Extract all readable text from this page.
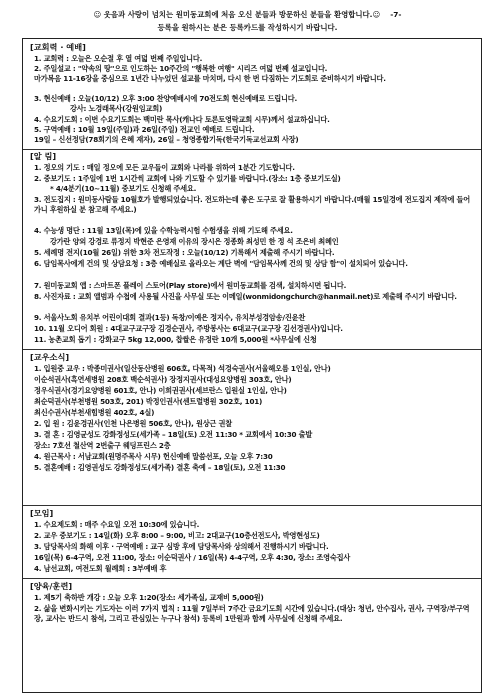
☺ 웃음과 사랑이 넘치는 원미동교회에 처음 오신 분들과 방문하신 분들을 환영합니다.☺ -7-
등록을 원하시는 분은 등록카드를 작성하시기 바랍니다.
[교회력 · 예배]
1. 교회력 : 오늘은 오순절 후 열 여덟 번째 주일입니다.
2. 주일설교 : "약속의 땅"으로 인도하는 10주간의 "행복한 여행" 시리즈 여덟 번째 설교입니다.
마가복음 11-16장을 중심으로 1년간 나누었던 설교를 마치며, 다시 한 번 다짐하는 기도회로 준비하시기 바랍니다.
3. 현신예배 : 오늘(10/12) 오후 3:00 찬양예배시에 70전도회 현신예배로 드립니다.
강사: 노경래목사(강원임교회)
4. 수요기도회 : 이번 수요기도회는 백미란 목사(캐나다 토론토영락교회 시무)께서 설교하십니다.
5. 구역예배 : 10월 19일(주일)과 26일(주일) 전교인 예배로 드립니다.
19일 – 신선정담(78회기의 은혜 재자), 26일 – 청영종합기독(한국기독교선교회 사장)
[알 림]
1. 정오의 기도 : 매일 정오에 모든 교우들이 교회와 나라를 위하여 1분간 기도합니다.
2. 중보기도 : 1주일에 1번 1시간씩 교회에 나와 기도할 수 있기를 바랍니다.(장소: 1층 중보기도실)
* 4/4분기(10~11월) 중보기도 신청해 주세요.
3. 전도집지 : 원미동사람들 10월호가 발행되었습니다. 전도하는데 좋은 도구로 잘 활용하시기 바랍니다.(매월 15일경에 전도집지 제작에 들어가니 후원하실 분 참고해 주세요.)
4. 수능생 명단 : 11월 13일(목)에 있을 수학능력시험 수험생을 위해 기도해 주세요.
강가란 양외 강경로 류정지 박현준 은영재 이유의 장시은 정종화 최성민 한 정 석 조은비 최혜인
5. 세례명 전지(10월 26일) 위한 3차 전도작정 : 오늘(10/12) 기록해서 제출해 주시기 바랍니다.
6. 담임목사에게 건의 및 상담요청 : 3층 예배실로 올라오는 계단 벽에 "담임목사께 건의 및 상담 함"이 설치되어 있습니다.
7. 원미동교회 앱 : 스마트폰 플레이 스토어(Play store)에서 원미동교회를 검색, 설치하시면 됩니다.
8. 사진자료 : 교회 앨범과 수첩에 사용될 사진을 사무실 또는 이메일(wonmidongchurch@hanmail.net)로 제출해 주시기 바랍니다.
9. 서울사노회 유치부 어린이대회 결과(1등) 독창/이예은 정지수, 유치부성경암송/진윤찬
10. 11월 오디어 회원 : 4대교구교구장 김경순권사, 주방봉사는 6대교구(교구장 김선경권사)입니다.
11. 농촌교회 돕기 : 강화교구 5kg 12,000, 찹쌀은 유정란 10개 5,000원 *사무실에 신청
[교우소식]
1. 입원중 교우 : 박종미권사(일산동산병원 606호, 다목적) 석경숙권사(서울해오름 1인실, 안나)
이순석권사(흑연세병원 208호 백순석권사) 장정지권사(대성요양병원 303호, 안나)
정우식권사(경기요양병원 601호, 안나) 이희권권사(세브란스 입원실 1인실, 안나)
최순덕권사(부천병원 503호, 201) 박정인권사(센트럴병원 302호, 101)
최신수권사(부천새힘병원 402호, 4실)
2. 입 원 : 김윤경권사(인천 나은병원 506호, 안나), 원상근 권찰
3. 결 혼 : 김영균성도 강화정성도(세가족 – 18일(토) 오전 11:30 * 교회에서 10:30 출발
장소: 7호선 철산역 2번출구 웨딩프린스 2층
4. 원근목사 : 서남교회(원명주목사 시무) 헌신예배 말씀선포, 오늘 오후 7:30
5. 결혼예배 : 김영권성도 강화정성도(세가족) 결혼 축예 – 18일(토), 오전 11:30
[모임]
1. 수요제도회 : 매주 수요일 오전 10:30에 있습니다.
2. 교우 중보기도 : 14일(화) 오후 8:00 – 9:00, 비고: 2대교구(10층선전도사, 박영현성도)
3. 담당목사의 화해 이후 · 구역예배 : 교구 심방 후에 담당목사와 상의해서 진행하시기 바랍니다.
16일(목) 6-4구역, 오전 11:00, 장소: 이순덕권사 / 16일(목) 4-4구역, 오후 4:30, 장소: 조영숙집사
4. 남선교회, 여전도회 월례회 : 3부예배 후
[양육/훈련]
1. 제5기 축하반 개강 : 오늘 오후 1:20(장소: 세가족실, 교재비 5,000원)
2. 삶을 변화시키는 기도자는 이러 7가지 법칙 : 11월 7일부터 7주간 금요기도회 시간에 있습니다.(대상: 청년, 안수집사, 권사, 구역장/부구역장, 교사는 반드시 참석, 그리고 관심있는 누구나 참석) 등록비 1만원과 함께 사무실에 신청해 주세요.
